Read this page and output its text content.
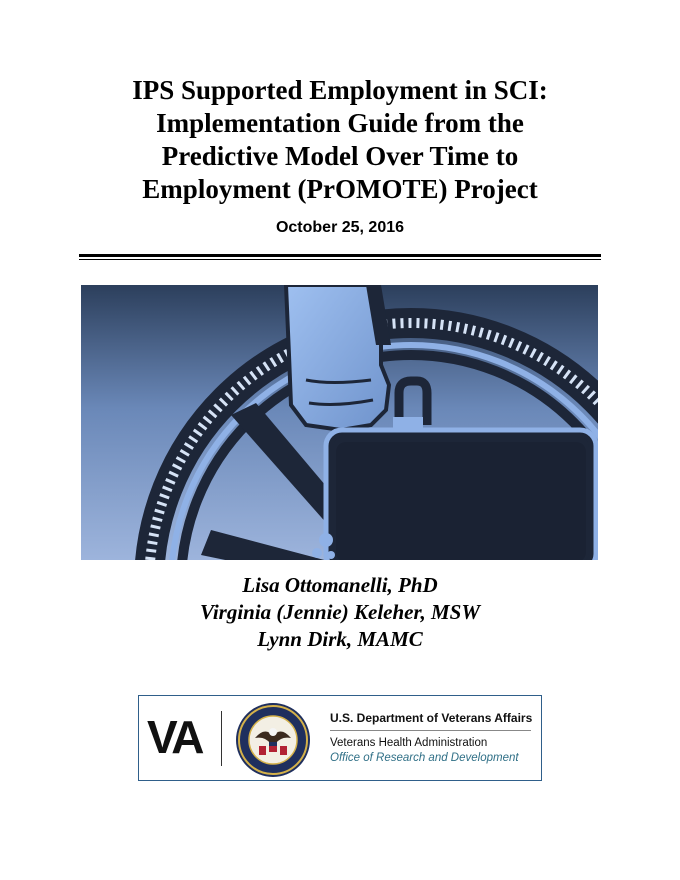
IPS Supported Employment in SCI:
Implementation Guide from the
Predictive Model Over Time to
Employment (PrOMOTE) Project
October 25, 2016
Lisa Ottomanelli, PhD
Virginia (Jennie) Keleher, MSW
Lynn Dirk, MAMC
VA	U.S. Department of Veterans Affairs
Veterans Health Administration
Office of Research and Development
